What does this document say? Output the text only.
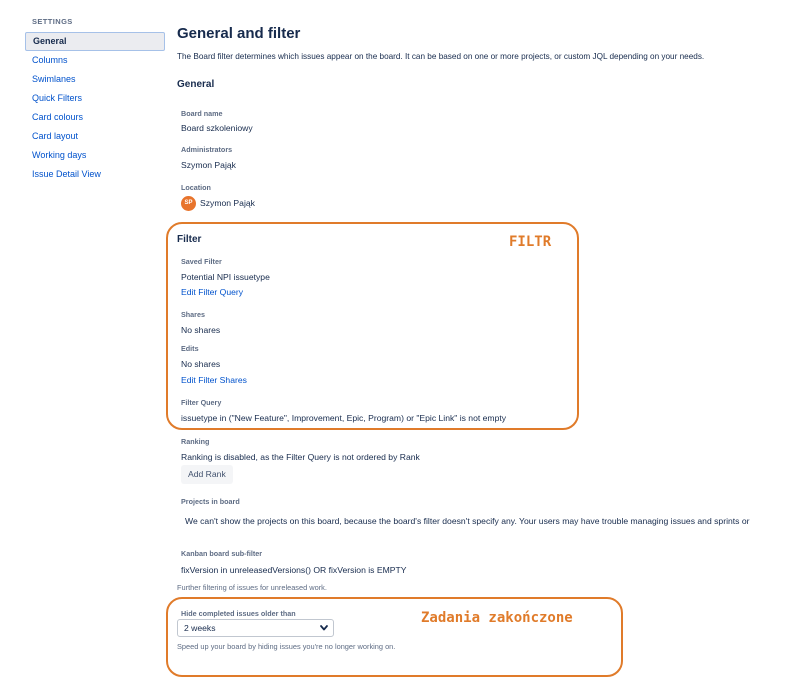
SETTINGS
General
Columns
Swimlanes
Quick Filters
Card colours
Card layout
Working days
Issue Detail View
General and filter
The Board filter determines which issues appear on the board. It can be based on one or more projects, or custom JQL depending on your needs.
General
Board name
Board szkoleniowy
Administrators
Szymon Pająk
Location
SP Szymon Pająk
Filter
Saved Filter
Potential NPI issuetype
Edit Filter Query
Shares
No shares
Edits
No shares
Edit Filter Shares
Filter Query
issuetype in ("New Feature", Improvement, Epic, Program) or "Epic Link" is not empty
Ranking
Ranking is disabled, as the Filter Query is not ordered by Rank
Add Rank
Projects in board
We can't show the projects on this board, because the board's filter doesn't specify any. Your users may have trouble managing issues and sprints or
Kanban board sub-filter
fixVersion in unreleasedVersions() OR fixVersion is EMPTY
Further filtering of issues for unreleased work.
Hide completed issues older than
2 weeks
Speed up your board by hiding issues you're no longer working on.
FILTR
Zadania zakończone
